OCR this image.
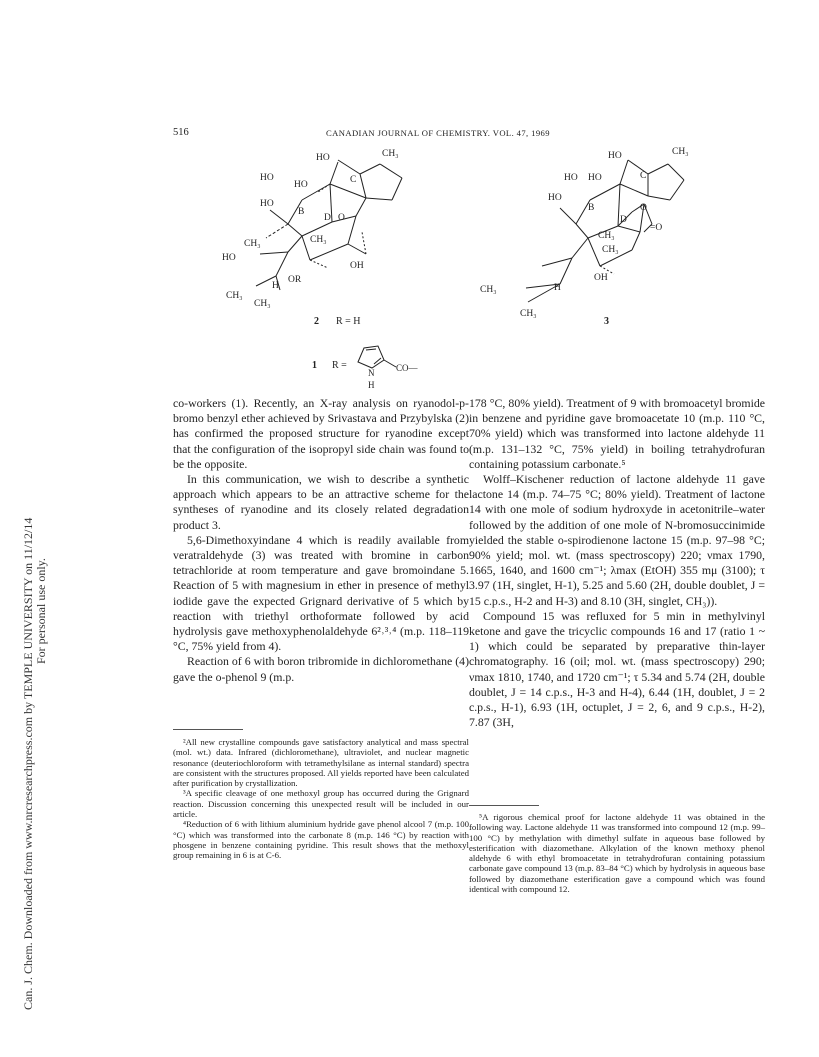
Can. J. Chem. Downloaded from www.nrcresearchpress.com by TEMPLE UNIVERSITY on 11/12/14 For personal use only.
516	CANADIAN JOURNAL OF CHEMISTRY. VOL. 47, 1969
HO	CH₃
HO
HO	C
HO
B
D O
CH₃	CH₃
HO
OH
OR
H
CH₃
CH₃
HO	CH₃
HO HO	C
HO
B	O
D
=O
CH₃
CH₃
OH
H
CH₃
CH₃
2 R = H	3
1 R =
N
H
CO—

co-workers (1). Recently, an X-ray analysis on ryanodol-p-bromo benzyl ether achieved by Srivastava and Przybylska (2) has confirmed the proposed structure for ryanodine except that the configuration of the isopropyl side chain was found to be the opposite.

In this communication, we wish to describe a synthetic approach which appears to be an attractive scheme for the syntheses of ryanodine and its closely related degradation product 3.

5,6-Dimethoxyindane 4 which is readily available from veratraldehyde (3) was treated with bromine in carbon tetrachloride at room temperature and gave bromoindane 5. Reaction of 5 with magnesium in ether in presence of methyl iodide gave the expected Grignard derivative of 5 which by reaction with triethyl orthoformate followed by acid hydrolysis gave methoxyphenolaldehyde 6²˒³˒⁴ (m.p. 118–119 °C, 75% yield from 4).

Reaction of 6 with boron tribromide in dichloromethane (4) gave the o-phenol 9 (m.p.

²All new crystalline compounds gave satisfactory analytical and mass spectral (mol. wt.) data. Infrared (dichloromethane), ultraviolet, and nuclear magnetic resonance (deuteriochloroform with tetramethylsilane as internal standard) spectra are consistent with the structures proposed. All yields reported have been calculated after purification by crystallization.

³A specific cleavage of one methoxyl group has occurred during the Grignard reaction. Discussion concerning this unexpected result will be included in our article.

⁴Reduction of 6 with lithium aluminium hydride gave phenol alcool 7 (m.p. 100 °C) which was transformed into the carbonate 8 (m.p. 146 °C) by reaction with phosgene in benzene containing pyridine. This result shows that the methoxyl group remaining in 6 is at C-6.

178 °C, 80% yield). Treatment of 9 with bromoacetyl bromide in benzene and pyridine gave bromoacetate 10 (m.p. 110 °C, 70% yield) which was transformed into lactone aldehyde 11 (m.p. 131–132 °C, 75% yield) in boiling tetrahydrofuran containing potassium carbonate.⁵

Wolff–Kischener reduction of lactone aldehyde 11 gave lactone 14 (m.p. 74–75 °C; 80% yield). Treatment of lactone 14 with one mole of sodium hydroxyde in acetonitrile–water followed by the addition of one mole of N-bromosuccinimide yielded the stable o-spirodienone lactone 15 (m.p. 97–98 °C; 90% yield; mol. wt. (mass spectroscopy) 220; νmax 1790, 1665, 1640, and 1600 cm⁻¹; λmax (EtOH) 355 mμ (3100); τ 3.97 (1H, singlet, H-1), 5.25 and 5.60 (2H, double doublet, J = 15 c.p.s., H-2 and H-3) and 8.10 (3H, singlet, CH₃)).

Compound 15 was refluxed for 5 min in methylvinyl ketone and gave the tricyclic compounds 16 and 17 (ratio 1 ~ 1) which could be separated by preparative thin-layer chromatography. 16 (oil; mol. wt. (mass spectroscopy) 290; νmax 1810, 1740, and 1720 cm⁻¹; τ 5.34 and 5.74 (2H, double doublet, J = 14 c.p.s., H-3 and H-4), 6.44 (1H, doublet, J = 2 c.p.s., H-1), 6.93 (1H, octuplet, J = 2, 6, and 9 c.p.s., H-2), 7.87 (3H,

⁵A rigorous chemical proof for lactone aldehyde 11 was obtained in the following way. Lactone aldehyde 11 was transformed into compound 12 (m.p. 99–100 °C) by methylation with dimethyl sulfate in aqueous base followed by esterification with diazomethane. Alkylation of the known methoxy phenol aldehyde 6 with ethyl bromoacetate in tetrahydrofuran containing potassium carbonate gave compound 13 (m.p. 83–84 °C) which by hydrolysis in aqueous base followed by diazomethane esterification gave a compound which was found identical with compound 12.
